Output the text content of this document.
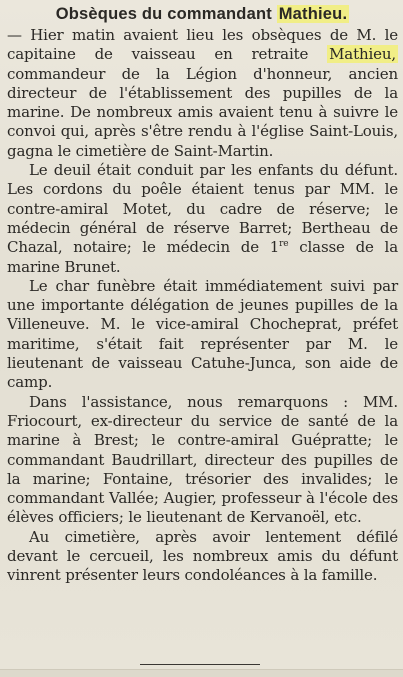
Obsèques du commandant Mathieu.

— Hier matin avaient lieu les obsèques de M. le capitaine de vaisseau en retraite Mathieu, commandeur de la Légion d'honneur, ancien directeur de l'établissement des pupilles de la marine. De nombreux amis avaient tenu à suivre le convoi qui, après s'être rendu à l'église Saint-Louis, gagna le cimetière de Saint-Martin.

Le deuil était conduit par les enfants du défunt. Les cordons du poêle étaient tenus par MM. le contre-amiral Motet, du cadre de réserve; le médecin général de réserve Barret; Bertheau de Chazal, notaire; le médecin de 1re classe de la marine Brunet.

Le char funèbre était immédiatement suivi par une importante délégation de jeunes pupilles de la Villeneuve. M. le vice-amiral Chocheprat, préfet maritime, s'était fait représenter par M. le lieutenant de vaisseau Catuhe-Junca, son aide de camp.

Dans l'assistance, nous remarquons : MM. Friocourt, ex-directeur du service de santé de la marine à Brest; le contre-amiral Guépratte; le commandant Baudrillart, directeur des pupilles de la marine; Fontaine, trésorier des invalides; le commandant Vallée; Augier, professeur à l'école des élèves officiers; le lieutenant de Kervanoël, etc.

Au cimetière, après avoir lentement défilé devant le cercueil, les nombreux amis du défunt vinrent présenter leurs condoléances à la famille.
